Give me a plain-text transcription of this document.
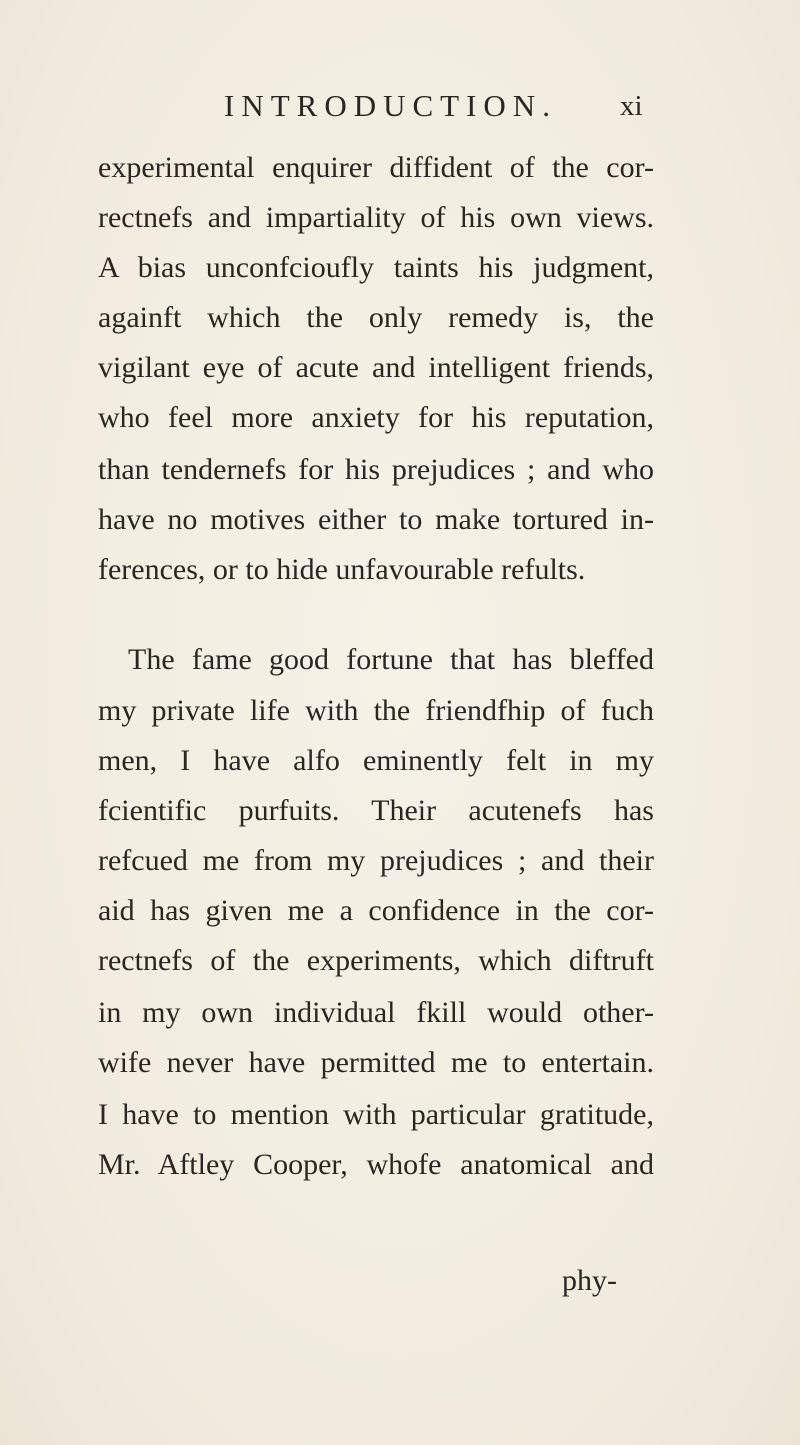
INTRODUCTION. xi
experimental enquirer diffident of the cor-
rectnefs and impartiality of his own views.
A bias unconfcioufly taints his judgment,
againft which the only remedy is, the
vigilant eye of acute and intelligent friends,
who feel more anxiety for his reputation,
than tendernefs for his prejudices ; and who
have no motives either to make tortured in-
ferences, or to hide unfavourable refults.
The fame good fortune that has bleffed
my private life with the friendfhip of fuch
men, I have alfo eminently felt in my
fcientific purfuits. Their acutenefs has
refcued me from my prejudices ; and their
aid has given me a confidence in the cor-
rectnefs of the experiments, which diftruft
in my own individual fkill would other-
wife never have permitted me to entertain.
I have to mention with particular gratitude,
Mr. Aftley Cooper, whofe anatomical and
phy-
